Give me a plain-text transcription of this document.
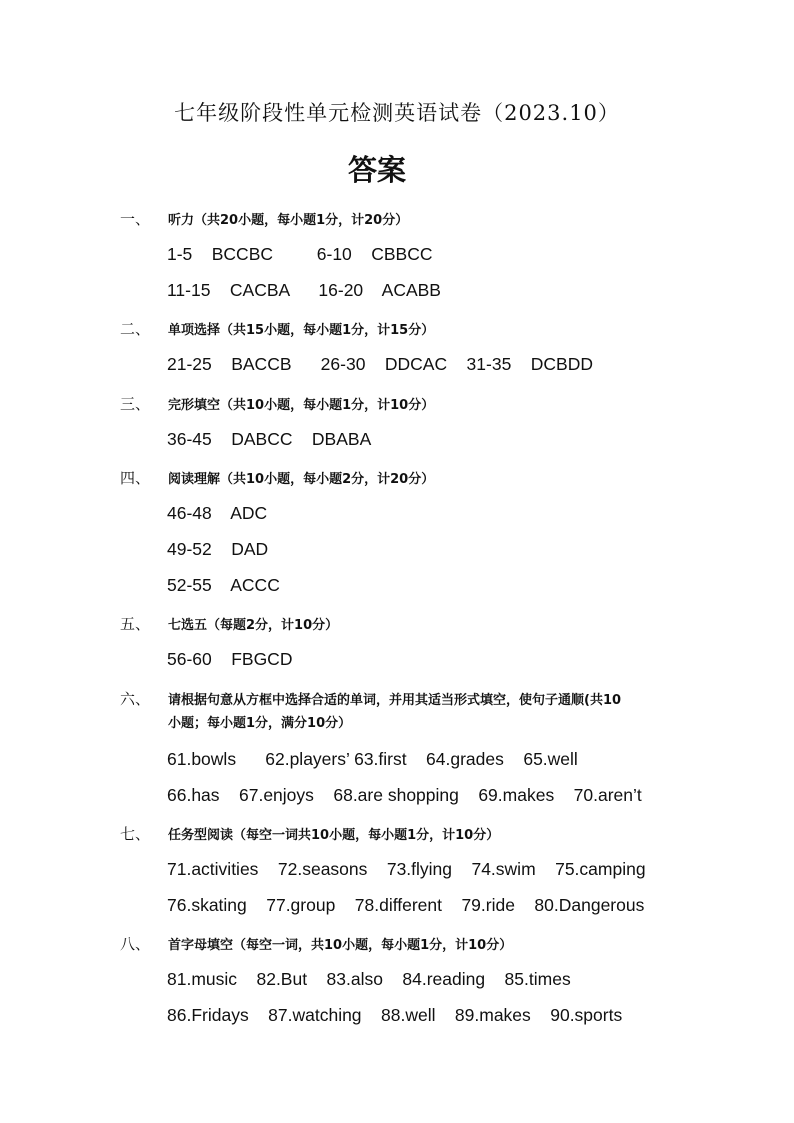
七年级阶段性单元检测英语试卷（2023.10）
答案
一、 听力（共20小题，每小题1分，计20分）
1-5    BCCBC         6-10    CBBCC
11-15    CACBA      16-20    ACABB
二、 单项选择（共15小题，每小题1分，计15分）
21-25    BACCB      26-30    DDCAC    31-35    DCBDD
三、 完形填空（共10小题，每小题1分，计10分）
36-45    DABCC    DBABA
四、 阅读理解（共10小题，每小题2分，计20分）
46-48    ADC
49-52    DAD
52-55    ACCC
五、 七选五（每题2分，计10分）
56-60    FBGCD
六、 请根据句意从方框中选择合适的单词，并用其适当形式填空，使句子通顺(共10
小题；每小题1分，满分10分）
61.bowls      62.players’ 63.first    64.grades    65.well
66.has    67.enjoys    68.are shopping    69.makes    70.aren’t
七、 任务型阅读（每空一词共10小题，每小题1分，计10分）
71.activities    72.seasons    73.flying    74.swim    75.camping
76.skating    77.group    78.different    79.ride    80.Dangerous
八、 首字母填空（每空一词，共10小题，每小题1分，计10分）
81.music    82.But    83.also    84.reading    85.times
86.Fridays    87.watching    88.well    89.makes    90.sports
